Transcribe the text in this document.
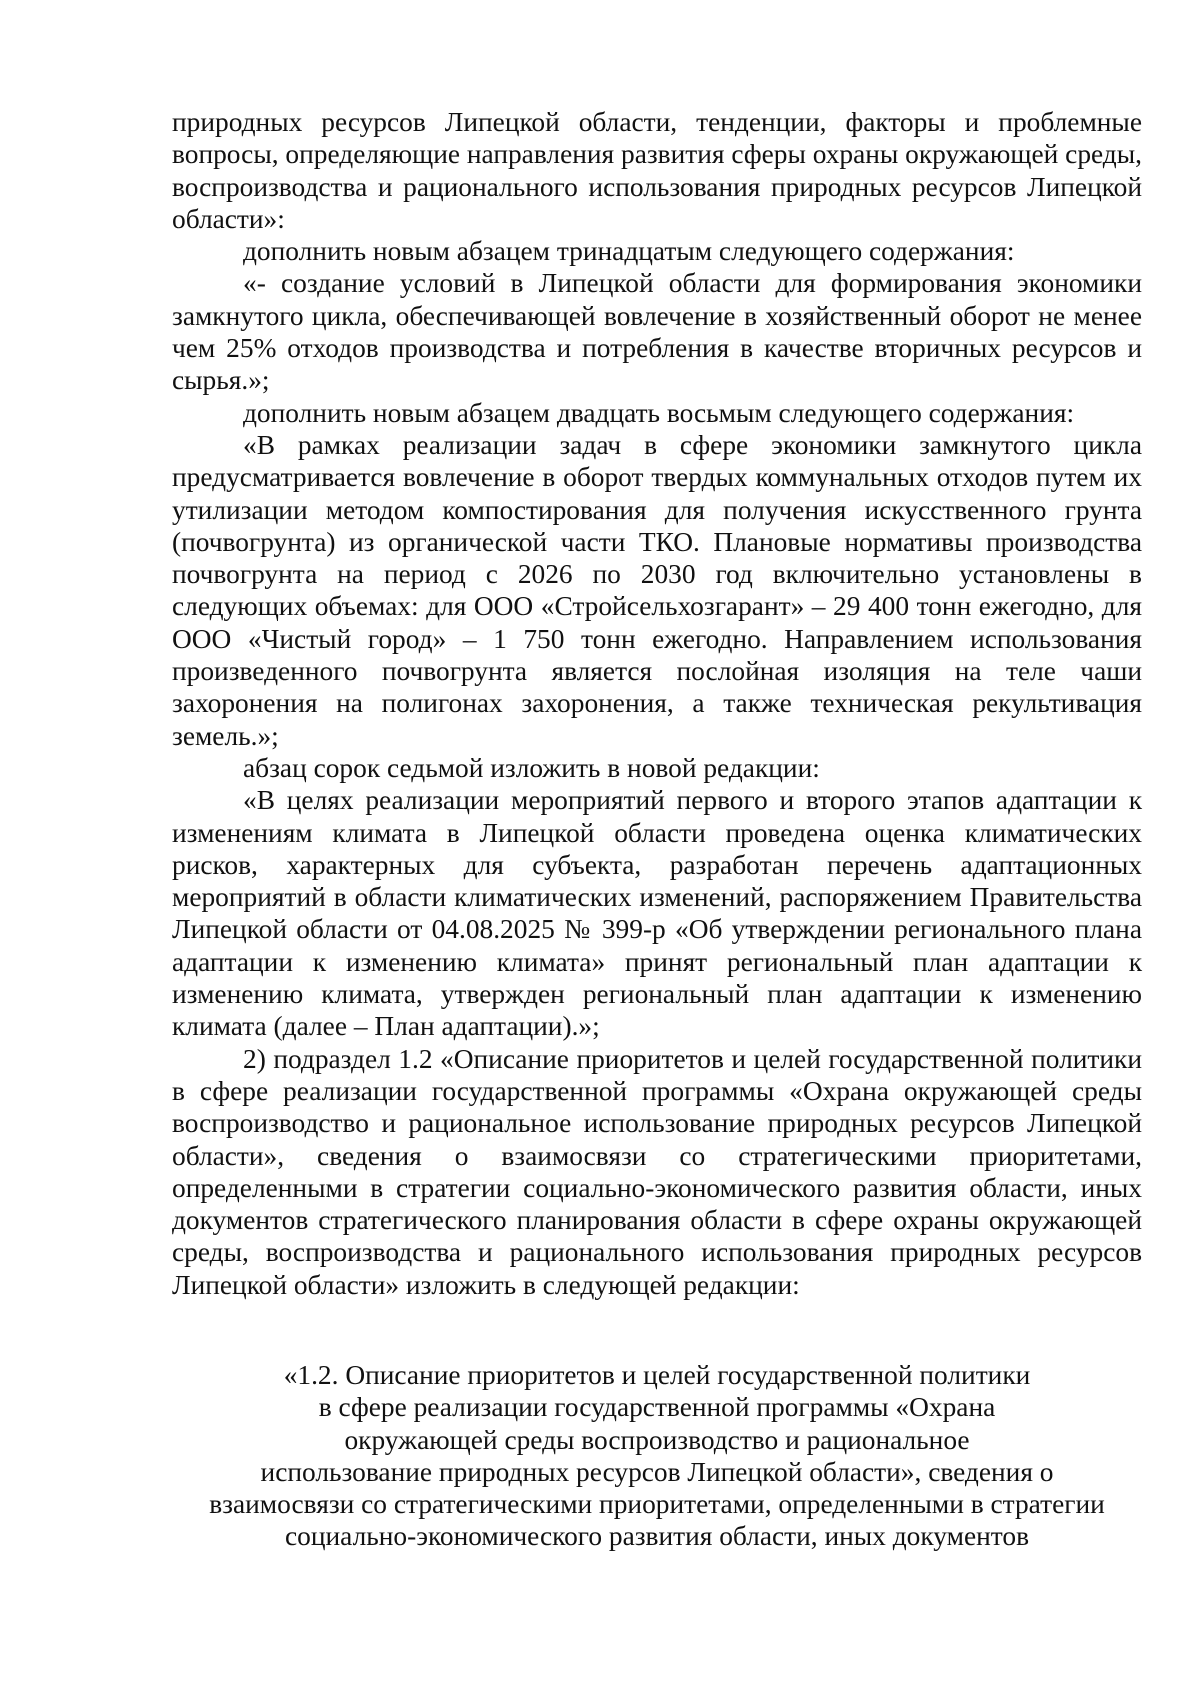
природных ресурсов Липецкой области, тенденции, факторы и проблемные вопросы, определяющие направления развития сферы охраны окружающей среды, воспроизводства и рационального использования природных ресурсов Липецкой области»:

дополнить новым абзацем тринадцатым следующего содержания:

«- создание условий в Липецкой области для формирования экономики замкнутого цикла, обеспечивающей вовлечение в хозяйственный оборот не менее чем 25% отходов производства и потребления в качестве вторичных ресурсов и сырья.»;

дополнить новым абзацем двадцать восьмым следующего содержания:

«В рамках реализации задач в сфере экономики замкнутого цикла предусматривается вовлечение в оборот твердых коммунальных отходов путем их утилизации методом компостирования для получения искусственного грунта (почвогрунта) из органической части ТКО. Плановые нормативы производства почвогрунта на период с 2026 по 2030 год включительно установлены в следующих объемах: для ООО «Стройсельхозгарант» – 29 400 тонн ежегодно, для ООО «Чистый город» – 1 750 тонн ежегодно. Направлением использования произведенного почвогрунта является послойная изоляция на теле чаши захоронения на полигонах захоронения, а также техническая рекультивация земель.»;

абзац сорок седьмой изложить в новой редакции:

«В целях реализации мероприятий первого и второго этапов адаптации к изменениям климата в Липецкой области проведена оценка климатических рисков, характерных для субъекта, разработан перечень адаптационных мероприятий в области климатических изменений, распоряжением Правительства Липецкой области от 04.08.2025 № 399-р «Об утверждении регионального плана адаптации к изменению климата» принят региональный план адаптации к изменению климата, утвержден региональный план адаптации к изменению климата (далее – План адаптации).»;

2) подраздел 1.2 «Описание приоритетов и целей государственной политики в сфере реализации государственной программы «Охрана окружающей среды воспроизводство и рациональное использование природных ресурсов Липецкой области», сведения о взаимосвязи со стратегическими приоритетами, определенными в стратегии социально-экономического развития области, иных документов стратегического планирования области в сфере охраны окружающей среды, воспроизводства и рационального использования природных ресурсов Липецкой области» изложить в следующей редакции:

«1.2. Описание приоритетов и целей государственной политики
в сфере реализации государственной программы «Охрана
окружающей среды воспроизводство и рациональное
использование природных ресурсов Липецкой области», сведения о
взаимосвязи со стратегическими приоритетами, определенными в стратегии
социально-экономического развития области, иных документов
